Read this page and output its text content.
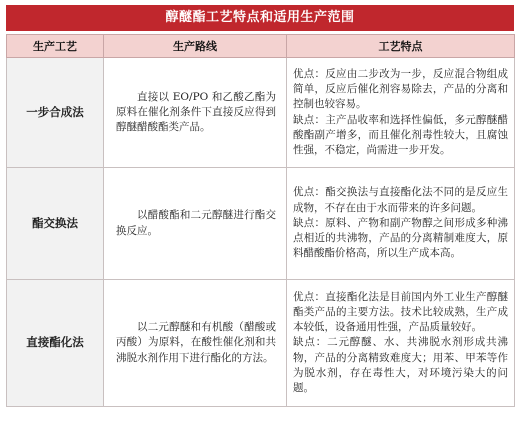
醇醚酯工艺特点和适用生产范围
生产工艺	生产路线	工艺特点
一步合成法	直接以 EO/PO 和乙酸乙酯为原料在催化剂条件下直接反应得到醇醚醋酸酯类产品。	优点：反应由二步改为一步，反应混合物组成简单，反应后催化剂容易除去，产品的分离和控制也较容易。

缺点：主产品收率和选择性偏低，多元醇醚醋酸酯副产增多，而且催化剂毒性较大，且腐蚀性强，不稳定，尚需进一步开发。

酯交换法	以醋酸酯和二元醇醚进行酯交换反应。	优点：酯交换法与直接酯化法不同的是反应生成物，不存在由于水而带来的许多问题。

缺点：原料、产物和副产物醇之间形成多种沸点相近的共沸物，产品的分离精制难度大，原料醋酸酯价格高，所以生产成本高。

直接酯化法	以二元醇醚和有机酸（醋酸或丙酸）为原料，在酸性催化剂和共沸脱水剂作用下进行酯化的方法。	优点：直接酯化法是目前国内外工业生产醇醚酯类产品的主要方法。技术比较成熟，生产成本较低，设备通用性强，产品质量较好。

缺点：二元醇醚、水、共沸脱水剂形成共沸物，产品的分离精致难度大；用苯、甲苯等作为脱水剂，存在毒性大，对环境污染大的问题。
